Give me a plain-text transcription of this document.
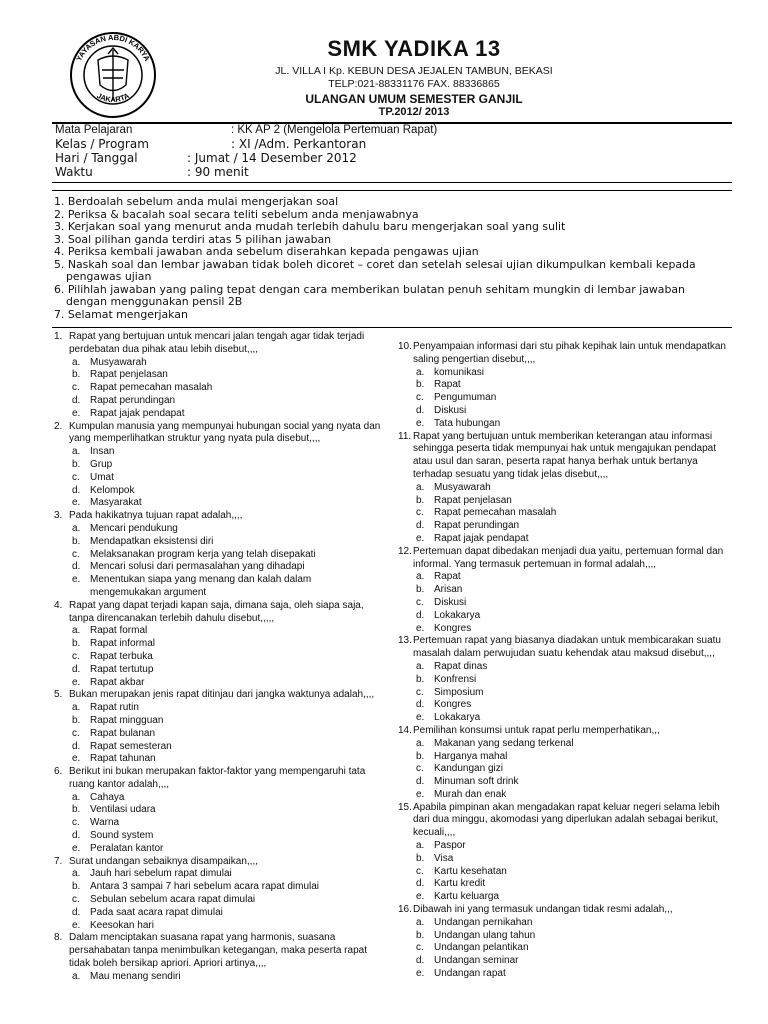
YAYASAN ABDI KARYA
JAKARTA
SMK YADIKA 13
JL. VILLA I Kp. KEBUN DESA JEJALEN TAMBUN, BEKASI
TELP:021-88331176 FAX. 88336865
ULANGAN UMUM SEMESTER GANJIL
TP.2012/ 2013
Mata Pelajaran	: KK AP 2 (Mengelola Pertemuan Rapat)
Kelas / Program	: XI /Adm. Perkantoran
Hari / Tanggal	: Jumat / 14 Desember 2012
Waktu	: 90 menit
1. Berdoalah sebelum anda mulai mengerjakan soal
2. Periksa & bacalah soal secara teliti sebelum anda menjawabnya
3. Kerjakan soal yang menurut anda mudah terlebih dahulu baru mengerjakan soal yang sulit
3. Soal pilihan ganda terdiri atas 5 pilihan jawaban
4. Periksa kembali jawaban anda sebelum diserahkan kepada pengawas ujian
5. Naskah soal dan lembar jawaban tidak boleh dicoret – coret dan setelah selesai ujian dikumpulkan kembali kepada
pengawas ujian
6. Pilihlah jawaban yang paling tepat dengan cara memberikan bulatan penuh sehitam mungkin di lembar jawaban
dengan menggunakan pensil 2B
7. Selamat mengerjakan
1. Rapat yang bertujuan untuk mencari jalan tengah agar tidak terjadi perdebatan dua pihak atau lebih disebut,,,,
a. Musyawarah
b. Rapat penjelasan
c. Rapat pemecahan masalah
d. Rapat perundingan
e. Rapat jajak pendapat
2. Kumpulan manusia yang mempunyai hubungan social yang nyata dan yang memperlihatkan struktur yang nyata pula disebut,,,,
a. Insan
b. Grup
c. Umat
d. Kelompok
e. Masyarakat
3. Pada hakikatnya tujuan rapat adalah,,,,
a. Mencari pendukung
b. Mendapatkan eksistensi diri
c. Melaksanakan program kerja yang telah disepakati
d. Mencari solusi dari permasalahan yang dihadapi
e. Menentukan siapa yang menang dan kalah dalam mengemukakan argument
4. Rapat yang dapat terjadi kapan saja, dimana saja, oleh siapa saja, tanpa direncanakan terlebih dahulu disebut,,,,,
a. Rapat formal
b. Rapat informal
c. Rapat terbuka
d. Rapat tertutup
e. Rapat akbar
5. Bukan merupakan jenis rapat ditinjau dari jangka waktunya adalah,,,,
a. Rapat rutin
b. Rapat mingguan
c. Rapat bulanan
d. Rapat semesteran
e. Rapat tahunan
6. Berikut ini bukan merupakan faktor-faktor yang mempengaruhi tata ruang kantor adalah,,,,
a. Cahaya
b. Ventilasi udara
c. Warna
d. Sound system
e. Peralatan kantor
7. Surat undangan sebaiknya disampaikan,,,,
a. Jauh hari sebelum rapat dimulai
b. Antara 3 sampai 7 hari sebelum acara rapat dimulai
c. Sebulan sebelum acara rapat dimulai
d. Pada saat acara rapat dimulai
e. Keesokan hari
8. Dalam menciptakan suasana rapat yang harmonis, suasana persahabatan tanpa menimbulkan ketegangan, maka peserta rapat tidak boleh bersikap apriori. Apriori artinya,,,,
a. Mau menang sendiri
10. Penyampaian informasi dari stu pihak kepihak lain untuk mendapatkan saling pengertian disebut,,,,
a. komunikasi
b. Rapat
c. Pengumuman
d. Diskusi
e. Tata hubungan
11. Rapat yang bertujuan untuk memberikan keterangan atau informasi sehingga peserta tidak mempunyai hak untuk mengajukan pendapat atau usul dan saran, peserta rapat hanya berhak untuk bertanya terhadap sesuatu yang tidak jelas disebut,,,,
a. Musyawarah
b. Rapat penjelasan
c. Rapat pemecahan masalah
d. Rapat perundingan
e. Rapat jajak pendapat
12. Pertemuan dapat dibedakan menjadi dua yaitu, pertemuan formal dan informal. Yang termasuk pertemuan in formal adalah,,,,
a. Rapat
b. Arisan
c. Diskusi
d. Lokakarya
e. Kongres
13. Pertemuan rapat yang biasanya diadakan untuk membicarakan suatu masalah dalam perwujudan suatu kehendak atau maksud disebut,,,,
a. Rapat dinas
b. Konfrensi
c. Simposium
d. Kongres
e. Lokakarya
14. Pemilihan konsumsi untuk rapat perlu memperhatikan,,,
a. Makanan yang sedang terkenal
b. Harganya mahal
c. Kandungan gizi
d. Minuman soft drink
e. Murah dan enak
15. Apabila pimpinan akan mengadakan rapat keluar negeri selama lebih dari dua minggu, akomodasi yang diperlukan adalah sebagai berikut, kecuali,,,,
a. Paspor
b. Visa
c. Kartu kesehatan
d. Kartu kredit
e. Kartu keluarga
16. Dibawah ini yang termasuk undangan tidak resmi adalah,,,
a. Undangan pernikahan
b. Undangan ulang tahun
c. Undangan pelantikan
d. Undangan seminar
e. Undangan rapat
